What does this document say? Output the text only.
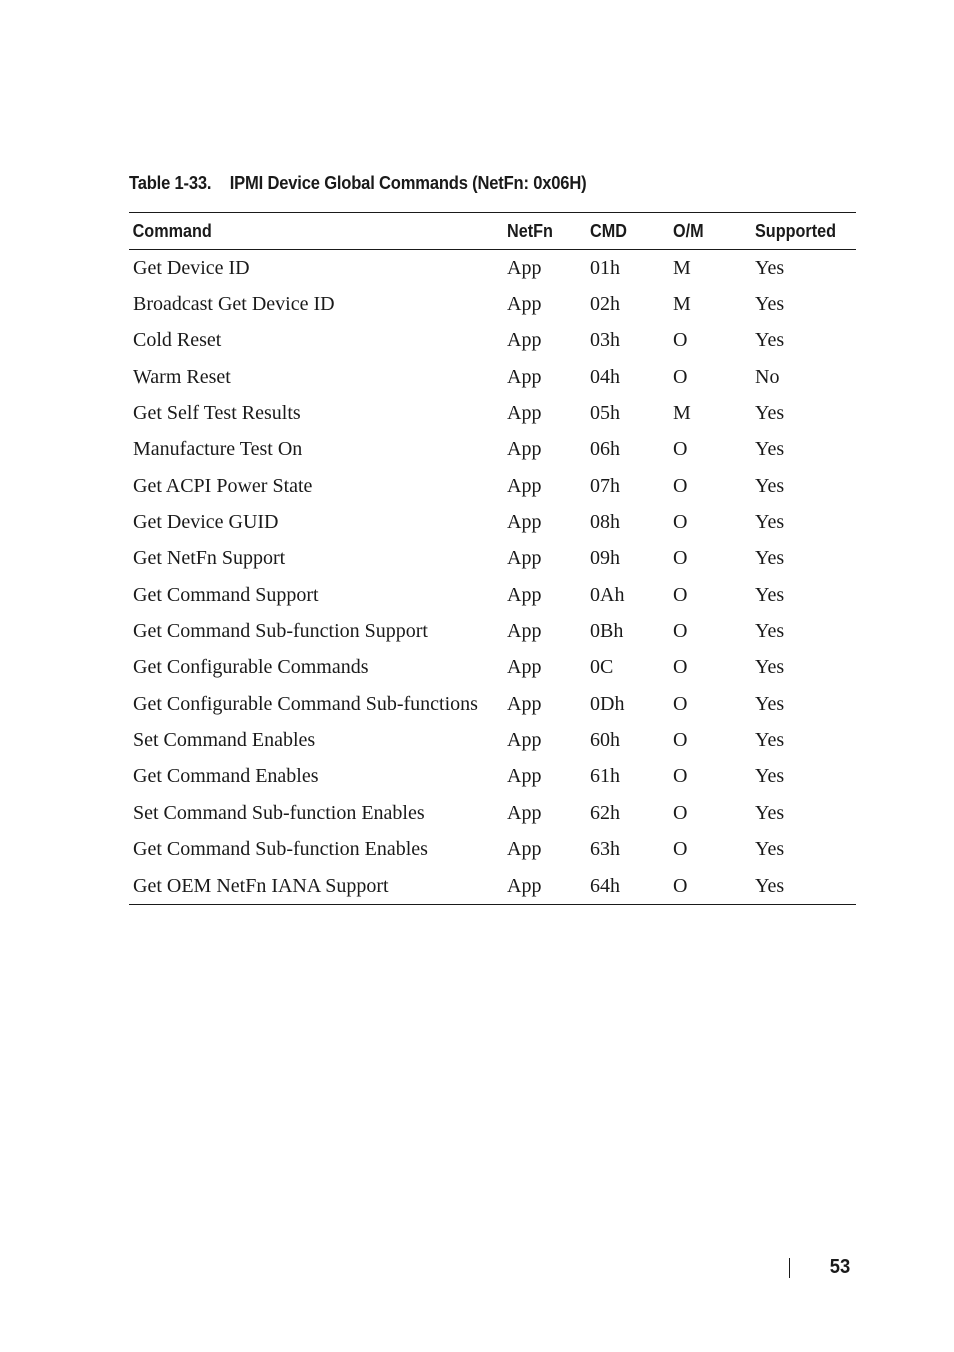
Table 1-33. IPMI Device Global Commands (NetFn: 0x06H)
Command	NetFn	CMD	O/M	Supported
Get Device ID	App	01h	M	Yes
Broadcast Get Device ID	App	02h	M	Yes
Cold Reset	App	03h	O	Yes
Warm Reset	App	04h	O	No
Get Self Test Results	App	05h	M	Yes
Manufacture Test On	App	06h	O	Yes
Get ACPI Power State	App	07h	O	Yes
Get Device GUID	App	08h	O	Yes
Get NetFn Support	App	09h	O	Yes
Get Command Support	App	0Ah	O	Yes
Get Command Sub-function Support	App	0Bh	O	Yes
Get Configurable Commands	App	0C	O	Yes
Get Configurable Command Sub-functions	App	0Dh	O	Yes
Set Command Enables	App	60h	O	Yes
Get Command Enables	App	61h	O	Yes
Set Command Sub-function Enables	App	62h	O	Yes
Get Command Sub-function Enables	App	63h	O	Yes
Get OEM NetFn IANA Support	App	64h	O	Yes
53
